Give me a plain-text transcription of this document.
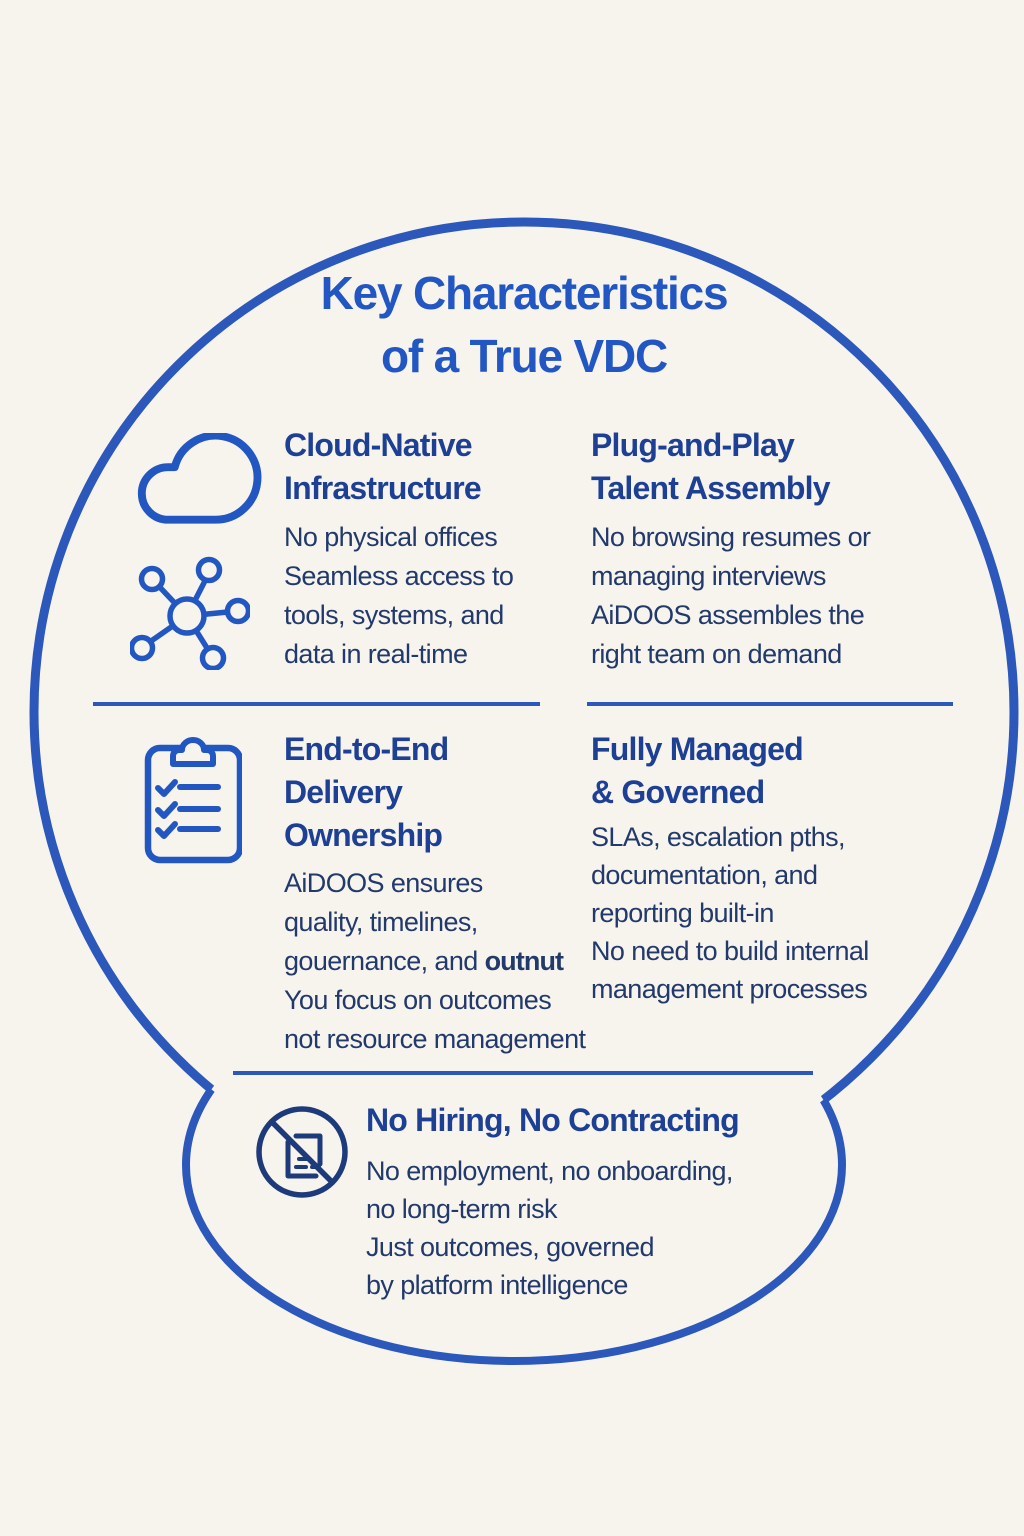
Key Characteristics
of a True VDC
Cloud-Native
Infrastructure
No physical offices
Seamless access to
tools, systems, and
data in real-time
Plug-and-Play
Talent Assembly
No browsing resumes or
managing interviews
AiDOOS assembles the
right team on demand
End-to-End
Delivery
Ownership
AiDOOS ensures
quality, timelines,
gouernance, and outnut
You focus on outcomes
not resource management
Fully Managed
& Governed
SLAs, escalation pths,
documentation, and
reporting built-in
No need to build internal
management processes
No Hiring, No Contracting
No employment, no onboarding,
no long-term risk
Just outcomes, governed
by platform intelligence
